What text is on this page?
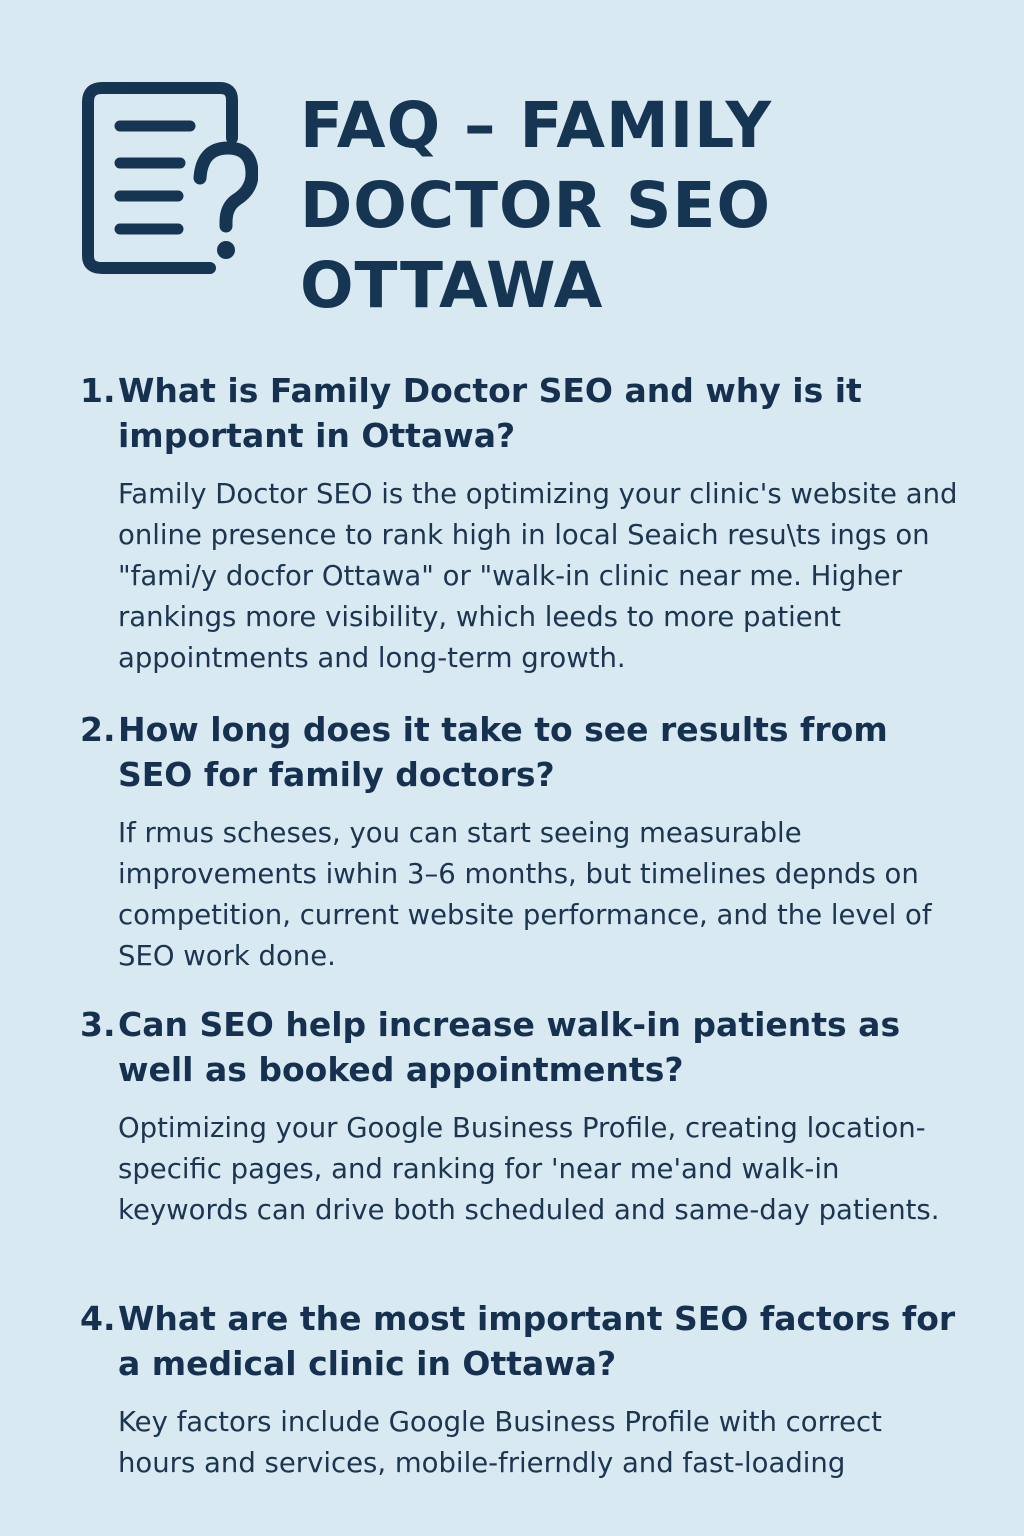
FAQ – FAMILY DOCTOR SEO OTTAWA
1. What is Family Doctor SEO and why is it important in Ottawa?

Family Doctor SEO is the optimizing your clinic's website and online presence to rank high in local Seaich resu\ts ings on "fami/y docfor Ottawa" or "walk-in clinic near me. Higher rankings more visibility, which leeds to more patient appointments and long-term growth.

2. How long does it take to see results from SEO for family doctors?

If rmus scheses, you can start seeing measurable improvements iwhin 3–6 months, but timelines depnds on competition, current website performance, and the level of SEO work done.

3. Can SEO help increase walk-in patients as well as booked appointments?

Optimizing your Google Business Profile, creating location-specific pages, and ranking for 'near me'and walk-in keywords can drive both scheduled and same-day patients.

4. What are the most important SEO factors for a medical clinic in Ottawa?

Key factors include Google Business Profile with correct hours and services, mobile-frierndly and fast-loading
